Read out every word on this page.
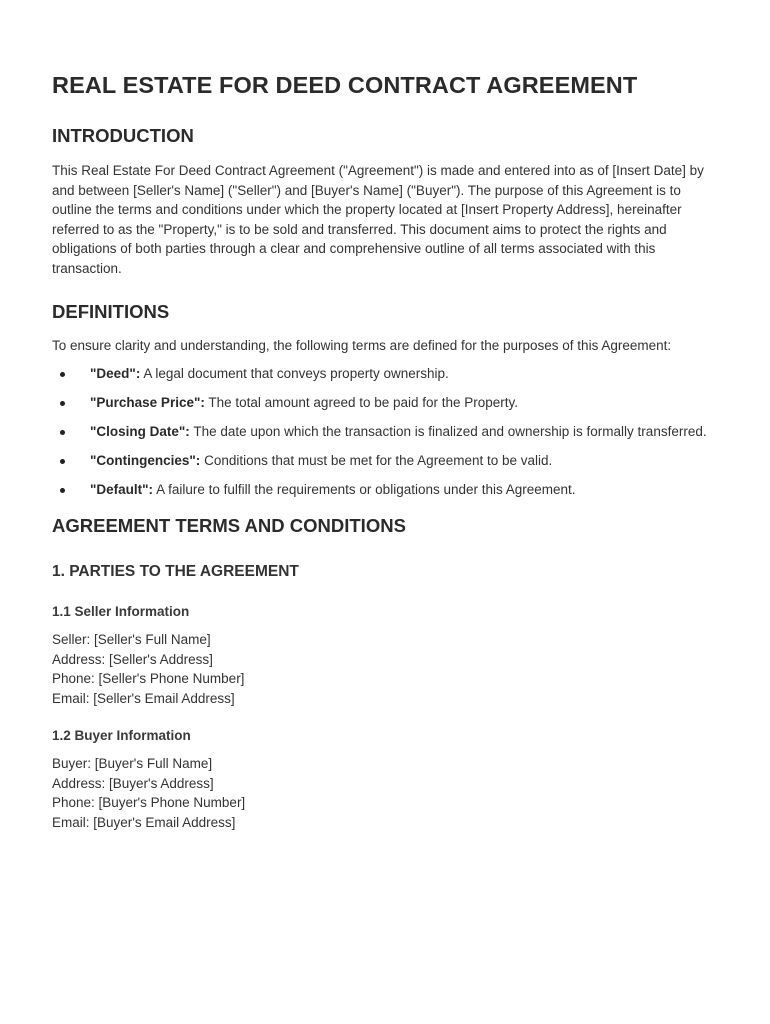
REAL ESTATE FOR DEED CONTRACT AGREEMENT
INTRODUCTION

This Real Estate For Deed Contract Agreement ("Agreement") is made and entered into as of [Insert Date] by and between [Seller's Name] ("Seller") and [Buyer's Name] ("Buyer"). The purpose of this Agreement is to outline the terms and conditions under which the property located at [Insert Property Address], hereinafter referred to as the "Property," is to be sold and transferred. This document aims to protect the rights and obligations of both parties through a clear and comprehensive outline of all terms associated with this transaction.

DEFINITIONS

To ensure clarity and understanding, the following terms are defined for the purposes of this Agreement:

"Deed": A legal document that conveys property ownership.
"Purchase Price": The total amount agreed to be paid for the Property.
"Closing Date": The date upon which the transaction is finalized and ownership is formally transferred.
"Contingencies": Conditions that must be met for the Agreement to be valid.
"Default": A failure to fulfill the requirements or obligations under this Agreement.
AGREEMENT TERMS AND CONDITIONS
1. PARTIES TO THE AGREEMENT
1.1 Seller Information

Seller: [Seller's Full Name]
Address: [Seller's Address]
Phone: [Seller's Phone Number]
Email: [Seller's Email Address]

1.2 Buyer Information

Buyer: [Buyer's Full Name]
Address: [Buyer's Address]
Phone: [Buyer's Phone Number]
Email: [Buyer's Email Address]
